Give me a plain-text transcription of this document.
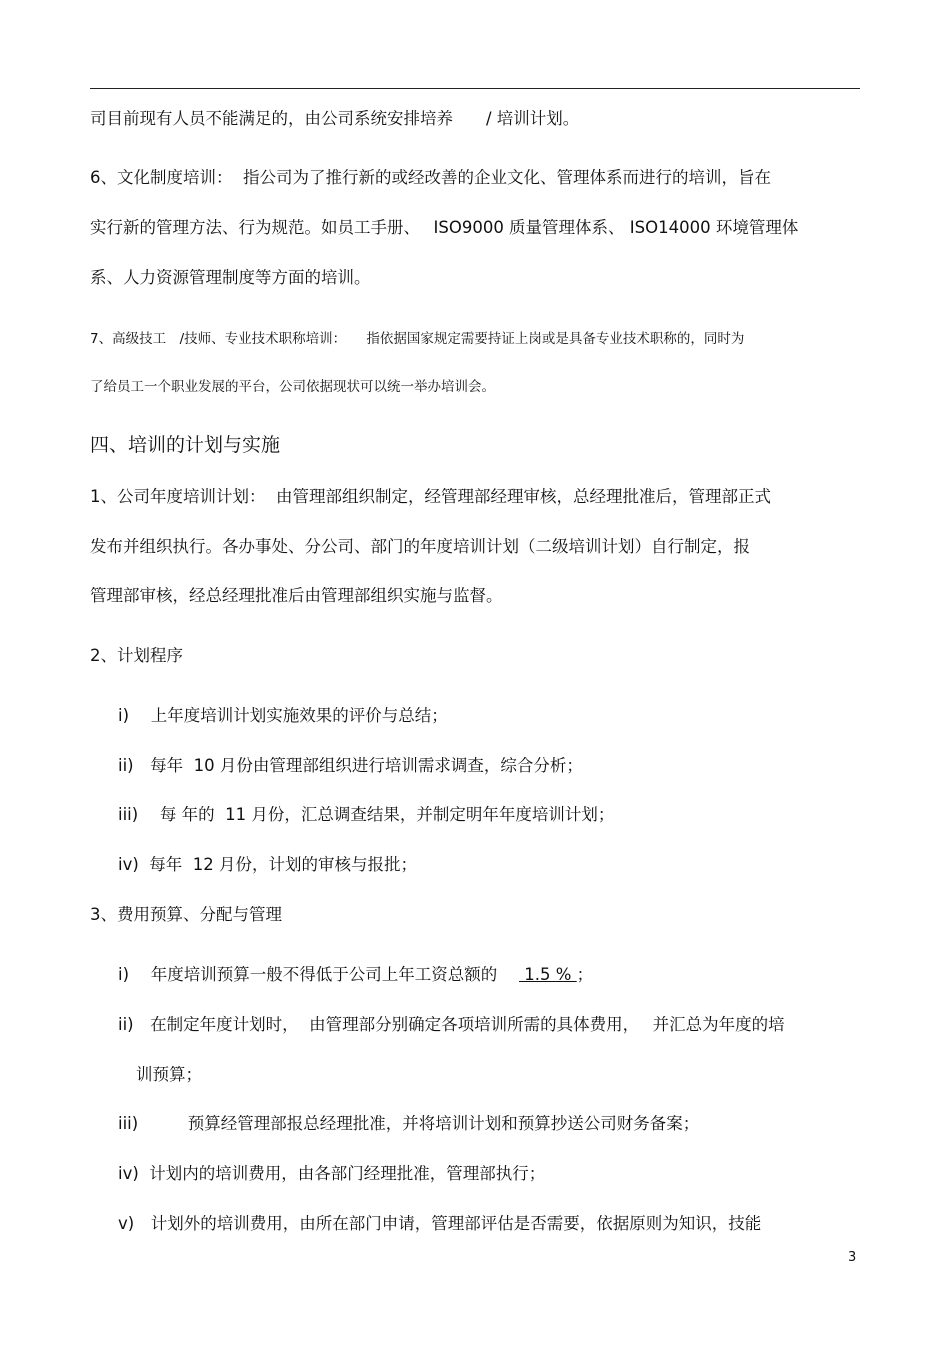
司目前现有人员不能满足的，由公司系统安排培养　　/ 培训计划。
6、文化制度培训：  指公司为了推行新的或经改善的企业文化、管理体系而进行的培训，旨在
实行新的管理方法、行为规范。如员工手册、　 ISO9000 质量管理体系、 ISO14000 环境管理体
系、人力资源管理制度等方面的培训。
7、高级技工　/技师、专业技术职称培训：　　指依据国家规定需要持证上岗或是具备专业技术职称的，同时为
了给员工一个职业发展的平台，公司依据现状可以统一举办培训会。
四、培训的计划与实施
1、公司年度培训计划：  由管理部组织制定，经管理部经理审核，总经理批准后，管理部正式
发布并组织执行。各办事处、分公司、部门的年度培训计划（二级培训计划）自行制定，报
管理部审核，经总经理批准后由管理部组织实施与监督。
2、计划程序
i)　 上年度培训计划实施效果的评价与总结；
ii)　每年  10 月份由管理部组织进行培训需求调查，综合分析；
iii)　 每 年的  11 月份，汇总调查结果，并制定明年年度培训计划；
iv)  每年  12 月份，计划的审核与报批；
3、费用预算、分配与管理
i)　 年度培训预算一般不得低于公司上年工资总额的　  1.5 % ；
ii)　在制定年度计划时，  由管理部分别确定各项培训所需的具体费用，　 并汇总为年度的培
训预算；
iii)　　　预算经管理部报总经理批准，并将培训计划和预算抄送公司财务备案；
iv)  计划内的培训费用，由各部门经理批准，管理部执行；
v)　计划外的培训费用，由所在部门申请，管理部评估是否需要，依据原则为知识，技能
3
